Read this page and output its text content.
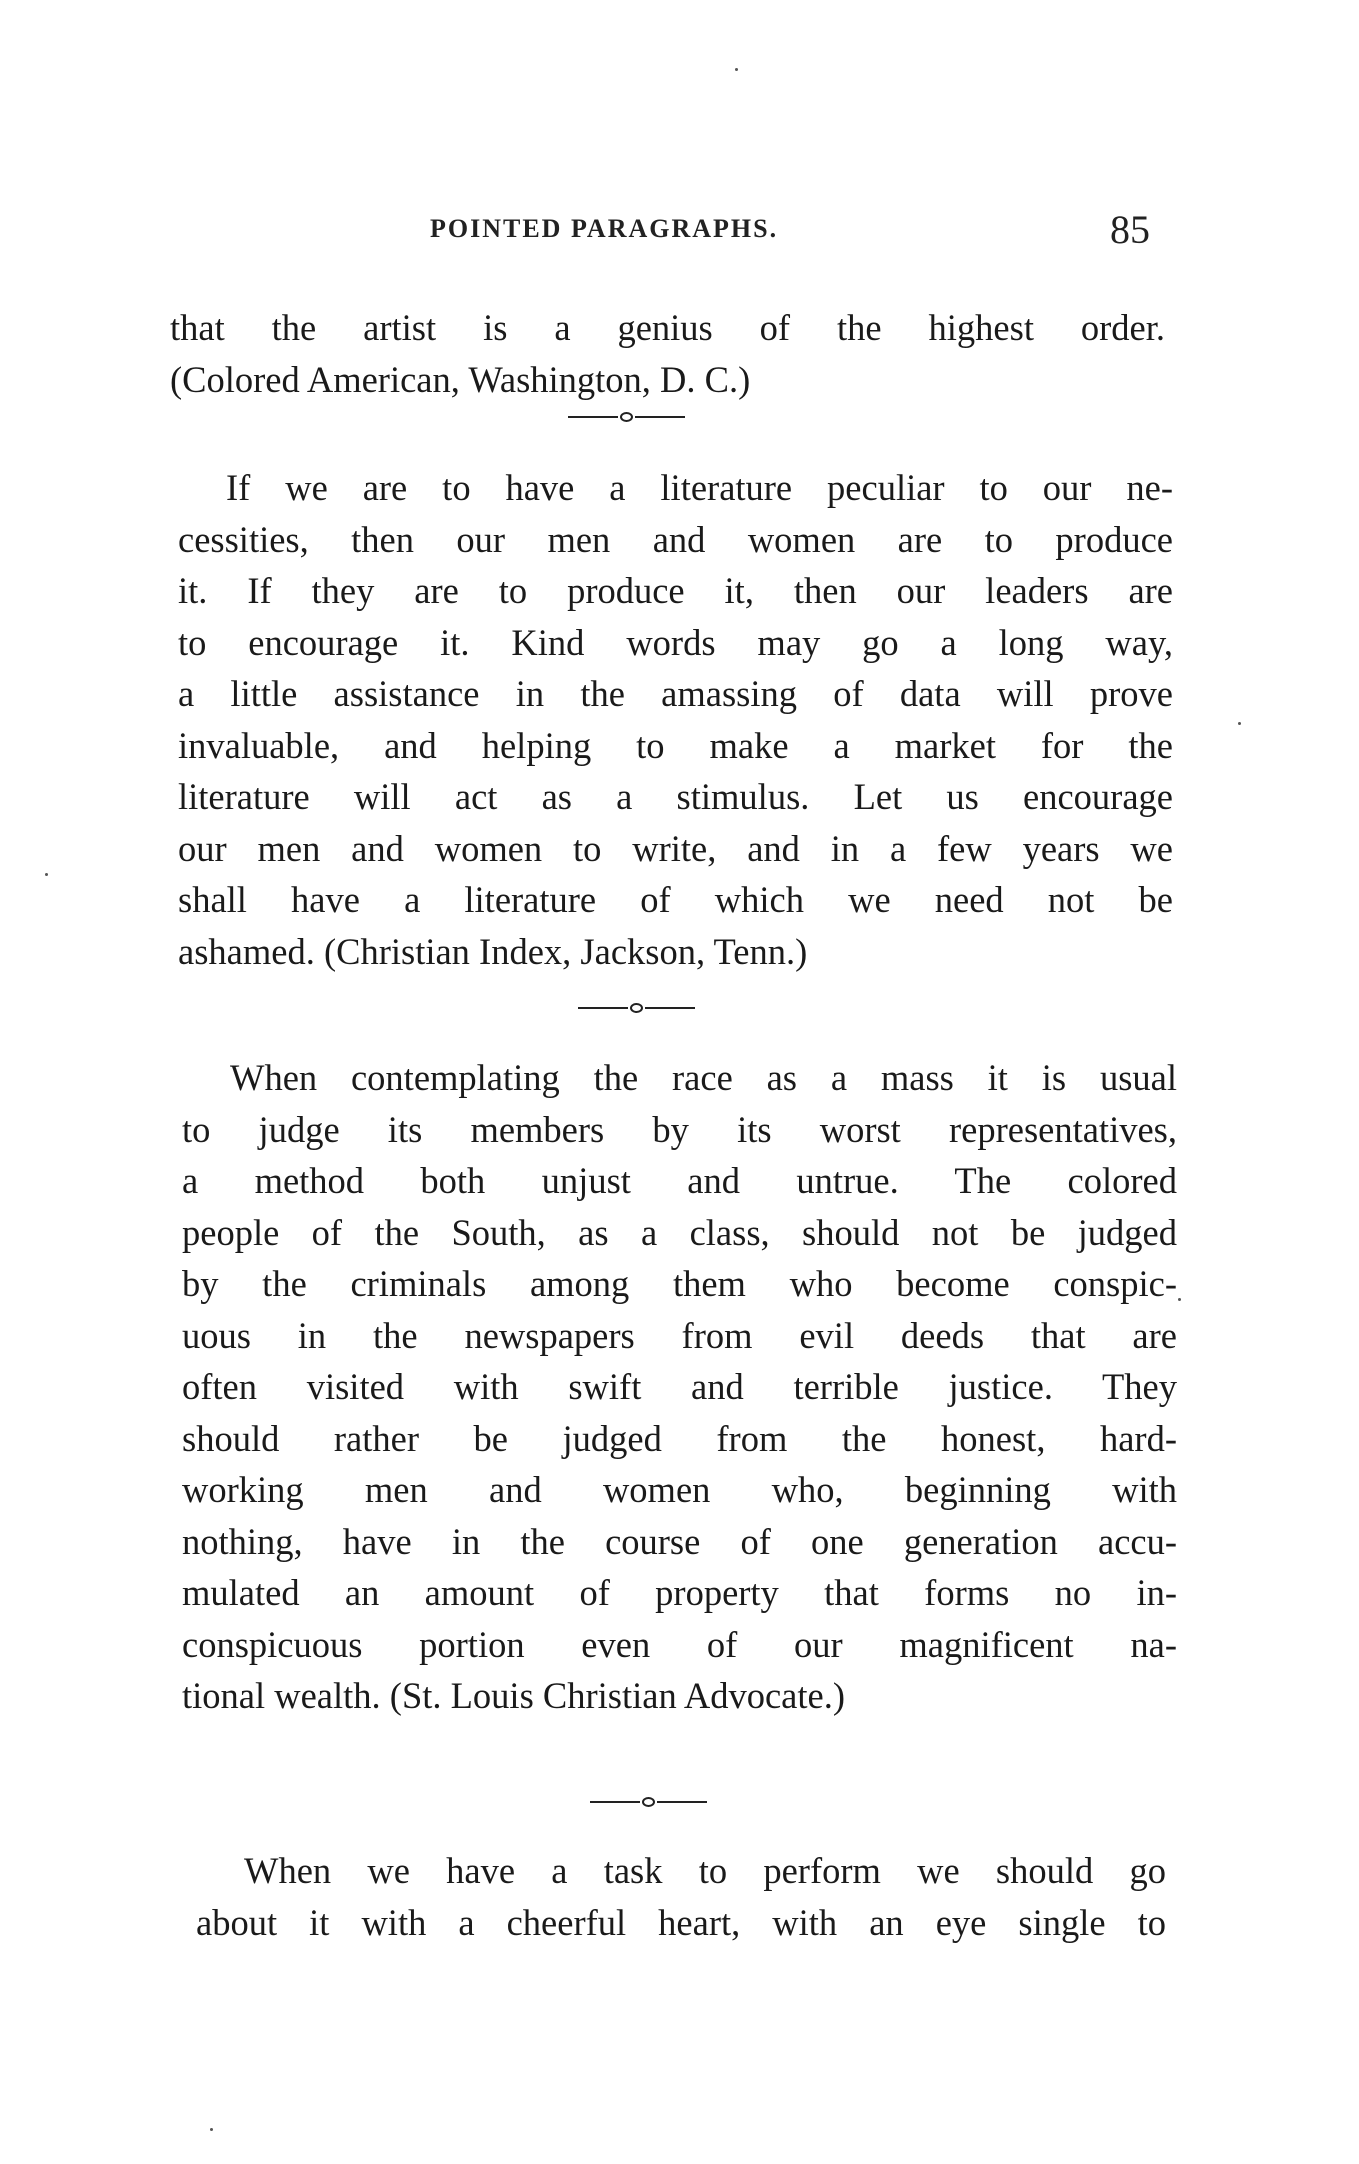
POINTED PARAGRAPHS.	85
that the artist is a genius of the highest order.
(Colored American, Washington, D. C.)
If we are to have a literature peculiar to our ne-
cessities, then our men and women are to produce
it. If they are to produce it, then our leaders are
to encourage it. Kind words may go a long way,
a little assistance in the amassing of data will prove
invaluable, and helping to make a market for the
literature will act as a stimulus. Let us encourage
our men and women to write, and in a few years we
shall have a literature of which we need not be
ashamed. (Christian Index, Jackson, Tenn.)
When contemplating the race as a mass it is usual
to judge its members by its worst representatives,
a method both unjust and untrue. The colored
people of the South, as a class, should not be judged
by the criminals among them who become conspic-
uous in the newspapers from evil deeds that are
often visited with swift and terrible justice. They
should rather be judged from the honest, hard-
working men and women who, beginning with
nothing, have in the course of one generation accu-
mulated an amount of property that forms no in-
conspicuous portion even of our magnificent na-
tional wealth. (St. Louis Christian Advocate.)
When we have a task to perform we should go
about it with a cheerful heart, with an eye single to
